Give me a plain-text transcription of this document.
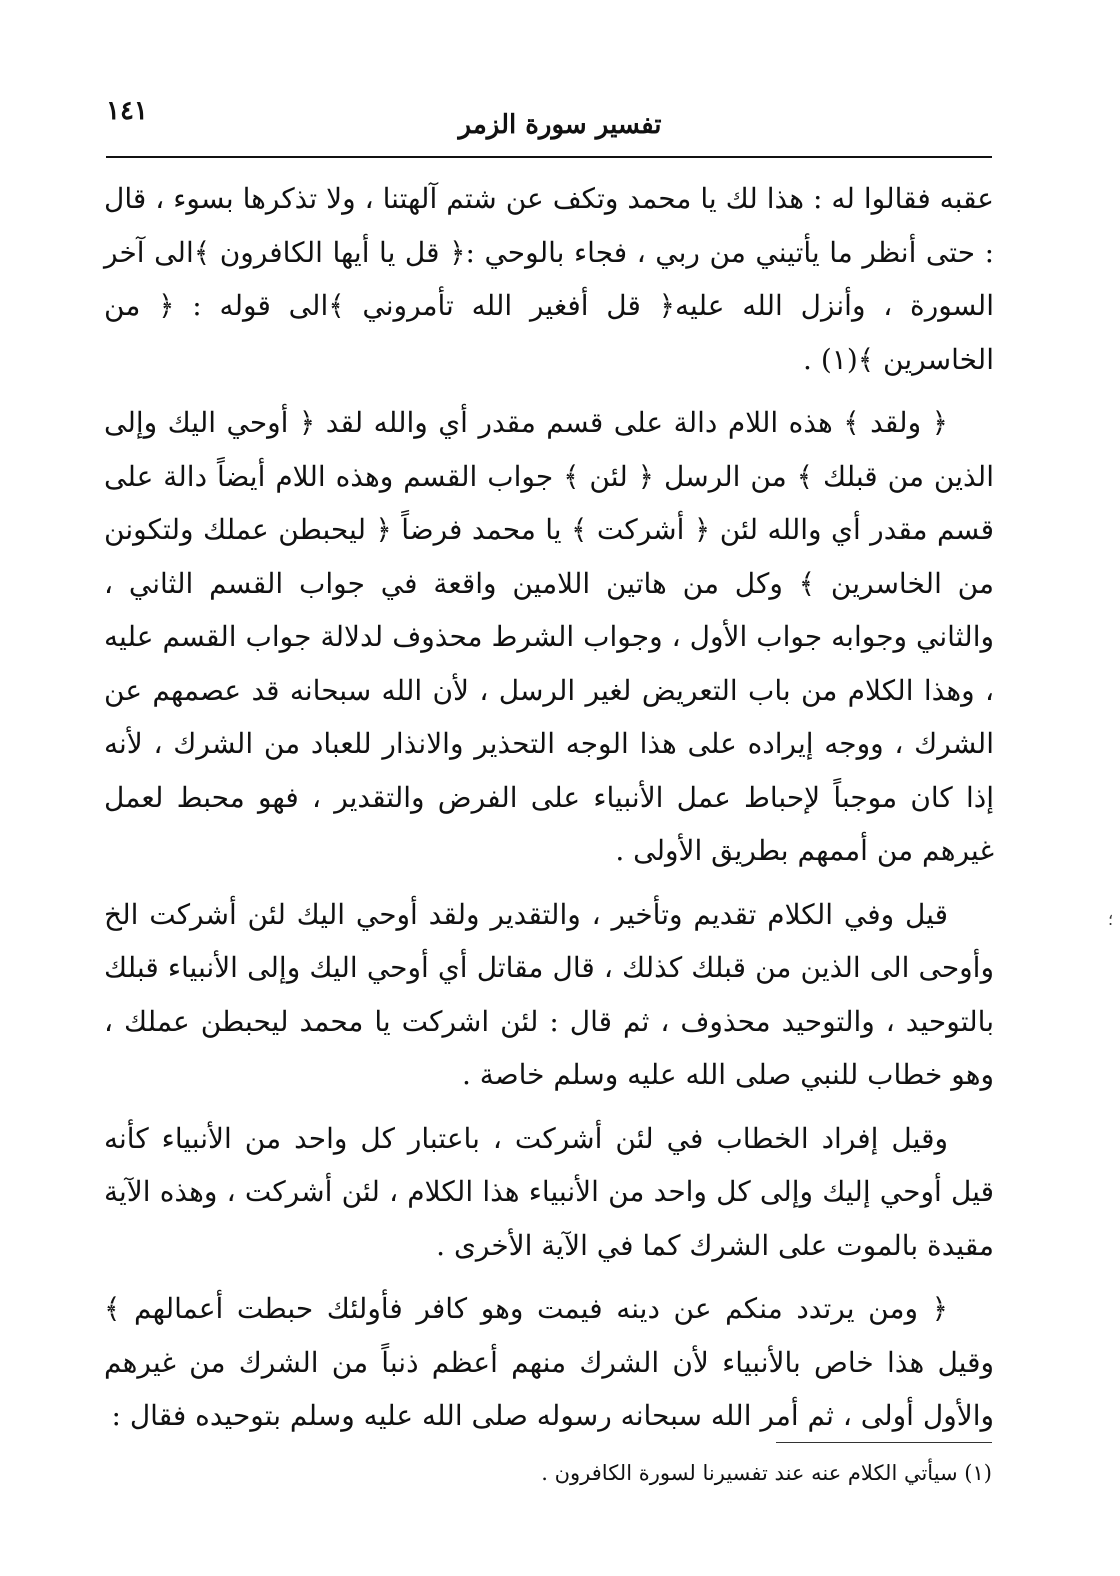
١٤١	تفسير سورة الزمر

عقبه فقالوا له : هذا لك يا محمد وتكف عن شتم آلهتنا ، ولا تذكرها بسوء ، قال : حتى أنظر ما يأتيني من ربي ، فجاء بالوحي :﴿ قل يا أيها الكافرون ﴾الى آخر السورة ، وأنزل الله عليه﴿ قل أفغير الله تأمروني ﴾الى قوله : ﴿ من الخاسرين ﴾(١) .

﴿ ولقد ﴾ هذه اللام دالة على قسم مقدر أي والله لقد ﴿ أوحي اليك وإلى الذين من قبلك ﴾ من الرسل ﴿ لئن ﴾ جواب القسم وهذه اللام أيضاً دالة على قسم مقدر أي والله لئن ﴿ أشركت ﴾ يا محمد فرضاً ﴿ ليحبطن عملك ولتكونن من الخاسرين ﴾ وكل من هاتين اللامين واقعة في جواب القسم الثاني ، والثاني وجوابه جواب الأول ، وجواب الشرط محذوف لدلالة جواب القسم عليه ، وهذا الكلام من باب التعريض لغير الرسل ، لأن الله سبحانه قد عصمهم عن الشرك ، ووجه إيراده على هذا الوجه التحذير والانذار للعباد من الشرك ، لأنه إذا كان موجباً لإحباط عمل الأنبياء على الفرض والتقدير ، فهو محبط لعمل غيرهم من أممهم بطريق الأولى .

قيل وفي الكلام تقديم وتأخير ، والتقدير ولقد أوحي اليك لئن أشركت الخ وأوحى الى الذين من قبلك كذلك ، قال مقاتل أي أوحي اليك وإلى الأنبياء قبلك بالتوحيد ، والتوحيد محذوف ، ثم قال : لئن اشركت يا محمد ليحبطن عملك ، وهو خطاب للنبي صلى الله عليه وسلم خاصة .

وقيل إفراد الخطاب في لئن أشركت ، باعتبار كل واحد من الأنبياء كأنه قيل أوحي إليك وإلى كل واحد من الأنبياء هذا الكلام ، لئن أشركت ، وهذه الآية مقيدة بالموت على الشرك كما في الآية الأخرى .

﴿ ومن يرتدد منكم عن دينه فيمت وهو كافر فأولئك حبطت أعمالهم ﴾ وقيل هذا خاص بالأنبياء لأن الشرك منهم أعظم ذنباً من الشرك من غيرهم والأول أولى ، ثم أمر الله سبحانه رسوله صلى الله عليه وسلم بتوحيده فقال :

(١) سيأتي الكلام عنه عند تفسيرنا لسورة الكافرون .
؛
